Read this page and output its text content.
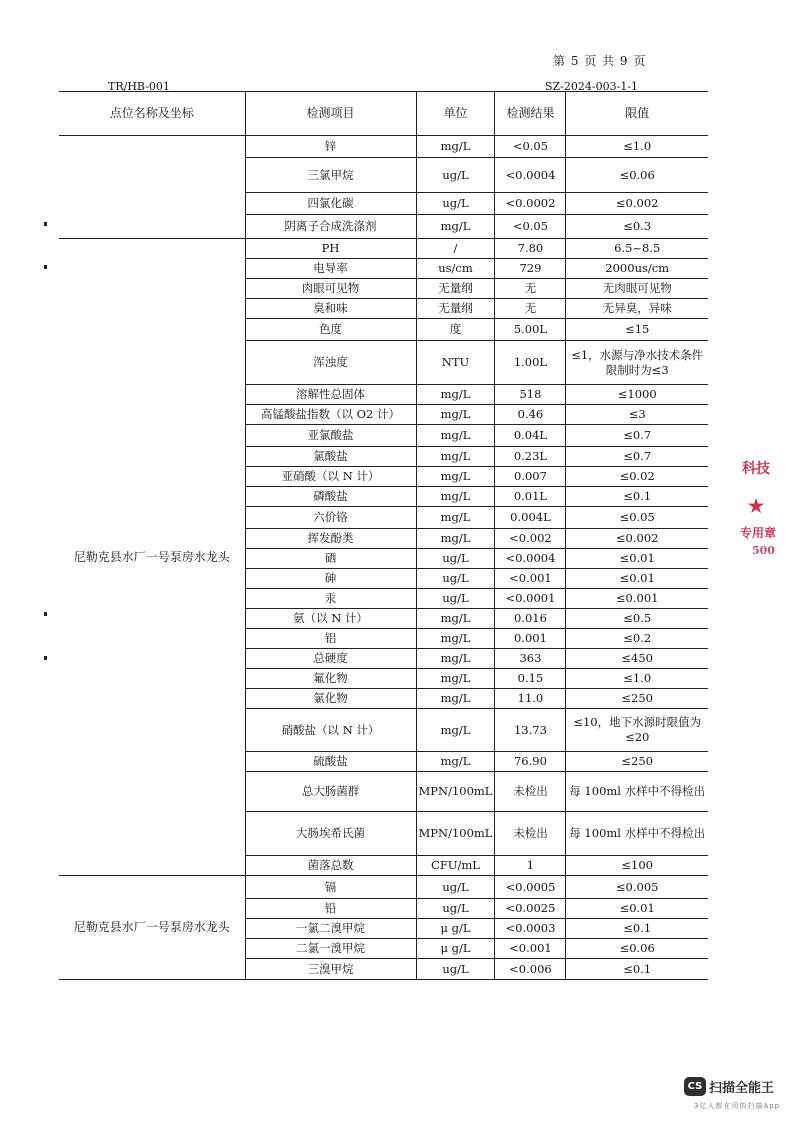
第 5 页 共 9 页
TR/HB-001	SZ-2024-003-1-1
点位名称及坐标	检测项目	单位	检测结果	限值
	锌	mg/L	<0.05	≤1.0
	三氯甲烷	ug/L	<0.0004	≤0.06
	四氯化碳	ug/L	<0.0002	≤0.002
	阴离子合成洗涤剂	mg/L	<0.05	≤0.3
尼勒克县水厂一号泵房水龙头	PH	/	7.80	6.5~8.5
	电导率	us/cm	729	2000us/cm
	肉眼可见物	无量纲	无	无肉眼可见物
	臭和味	无量纲	无	无异臭，异味
	色度	度	5.00L	≤15
	浑浊度	NTU	1.00L	≤1，水源与净水技术条件限制时为≤3
	溶解性总固体	mg/L	518	≤1000
	高锰酸盐指数（以 O2 计）	mg/L	0.46	≤3
	亚氯酸盐	mg/L	0.04L	≤0.7
	氯酸盐	mg/L	0.23L	≤0.7
	亚硝酸（以 N 计）	mg/L	0.007	≤0.02
	磷酸盐	mg/L	0.01L	≤0.1
	六价铬	mg/L	0.004L	≤0.05
	挥发酚类	mg/L	<0.002	≤0.002
	硒	ug/L	<0.0004	≤0.01
	砷	ug/L	<0.001	≤0.01
	汞	ug/L	<0.0001	≤0.001
	氨（以 N 计）	mg/L	0.016	≤0.5
	铝	mg/L	0.001	≤0.2
	总硬度	mg/L	363	≤450
	氟化物	mg/L	0.15	≤1.0
	氯化物	mg/L	11.0	≤250
	硝酸盐（以 N 计）	mg/L	13.73	≤10，地下水源时限值为≤20
	硫酸盐	mg/L	76.90	≤250
	总大肠菌群	MPN/100mL	未检出	每 100ml 水样中不得检出
	大肠埃希氏菌	MPN/100mL	未检出	每 100ml 水样中不得检出
	菌落总数	CFU/mL	1	≤100
尼勒克县水厂一号泵房水龙头	镉	ug/L	<0.0005	≤0.005
	铅	ug/L	<0.0025	≤0.01
	一氯二溴甲烷	μ g/L	<0.0003	≤0.1
	二氯一溴甲烷	μ g/L	<0.001	≤0.06
	三溴甲烷	ug/L	<0.006	≤0.1
科技
★
专用章
500
CS 扫描全能王
3亿人都在用的扫描App
